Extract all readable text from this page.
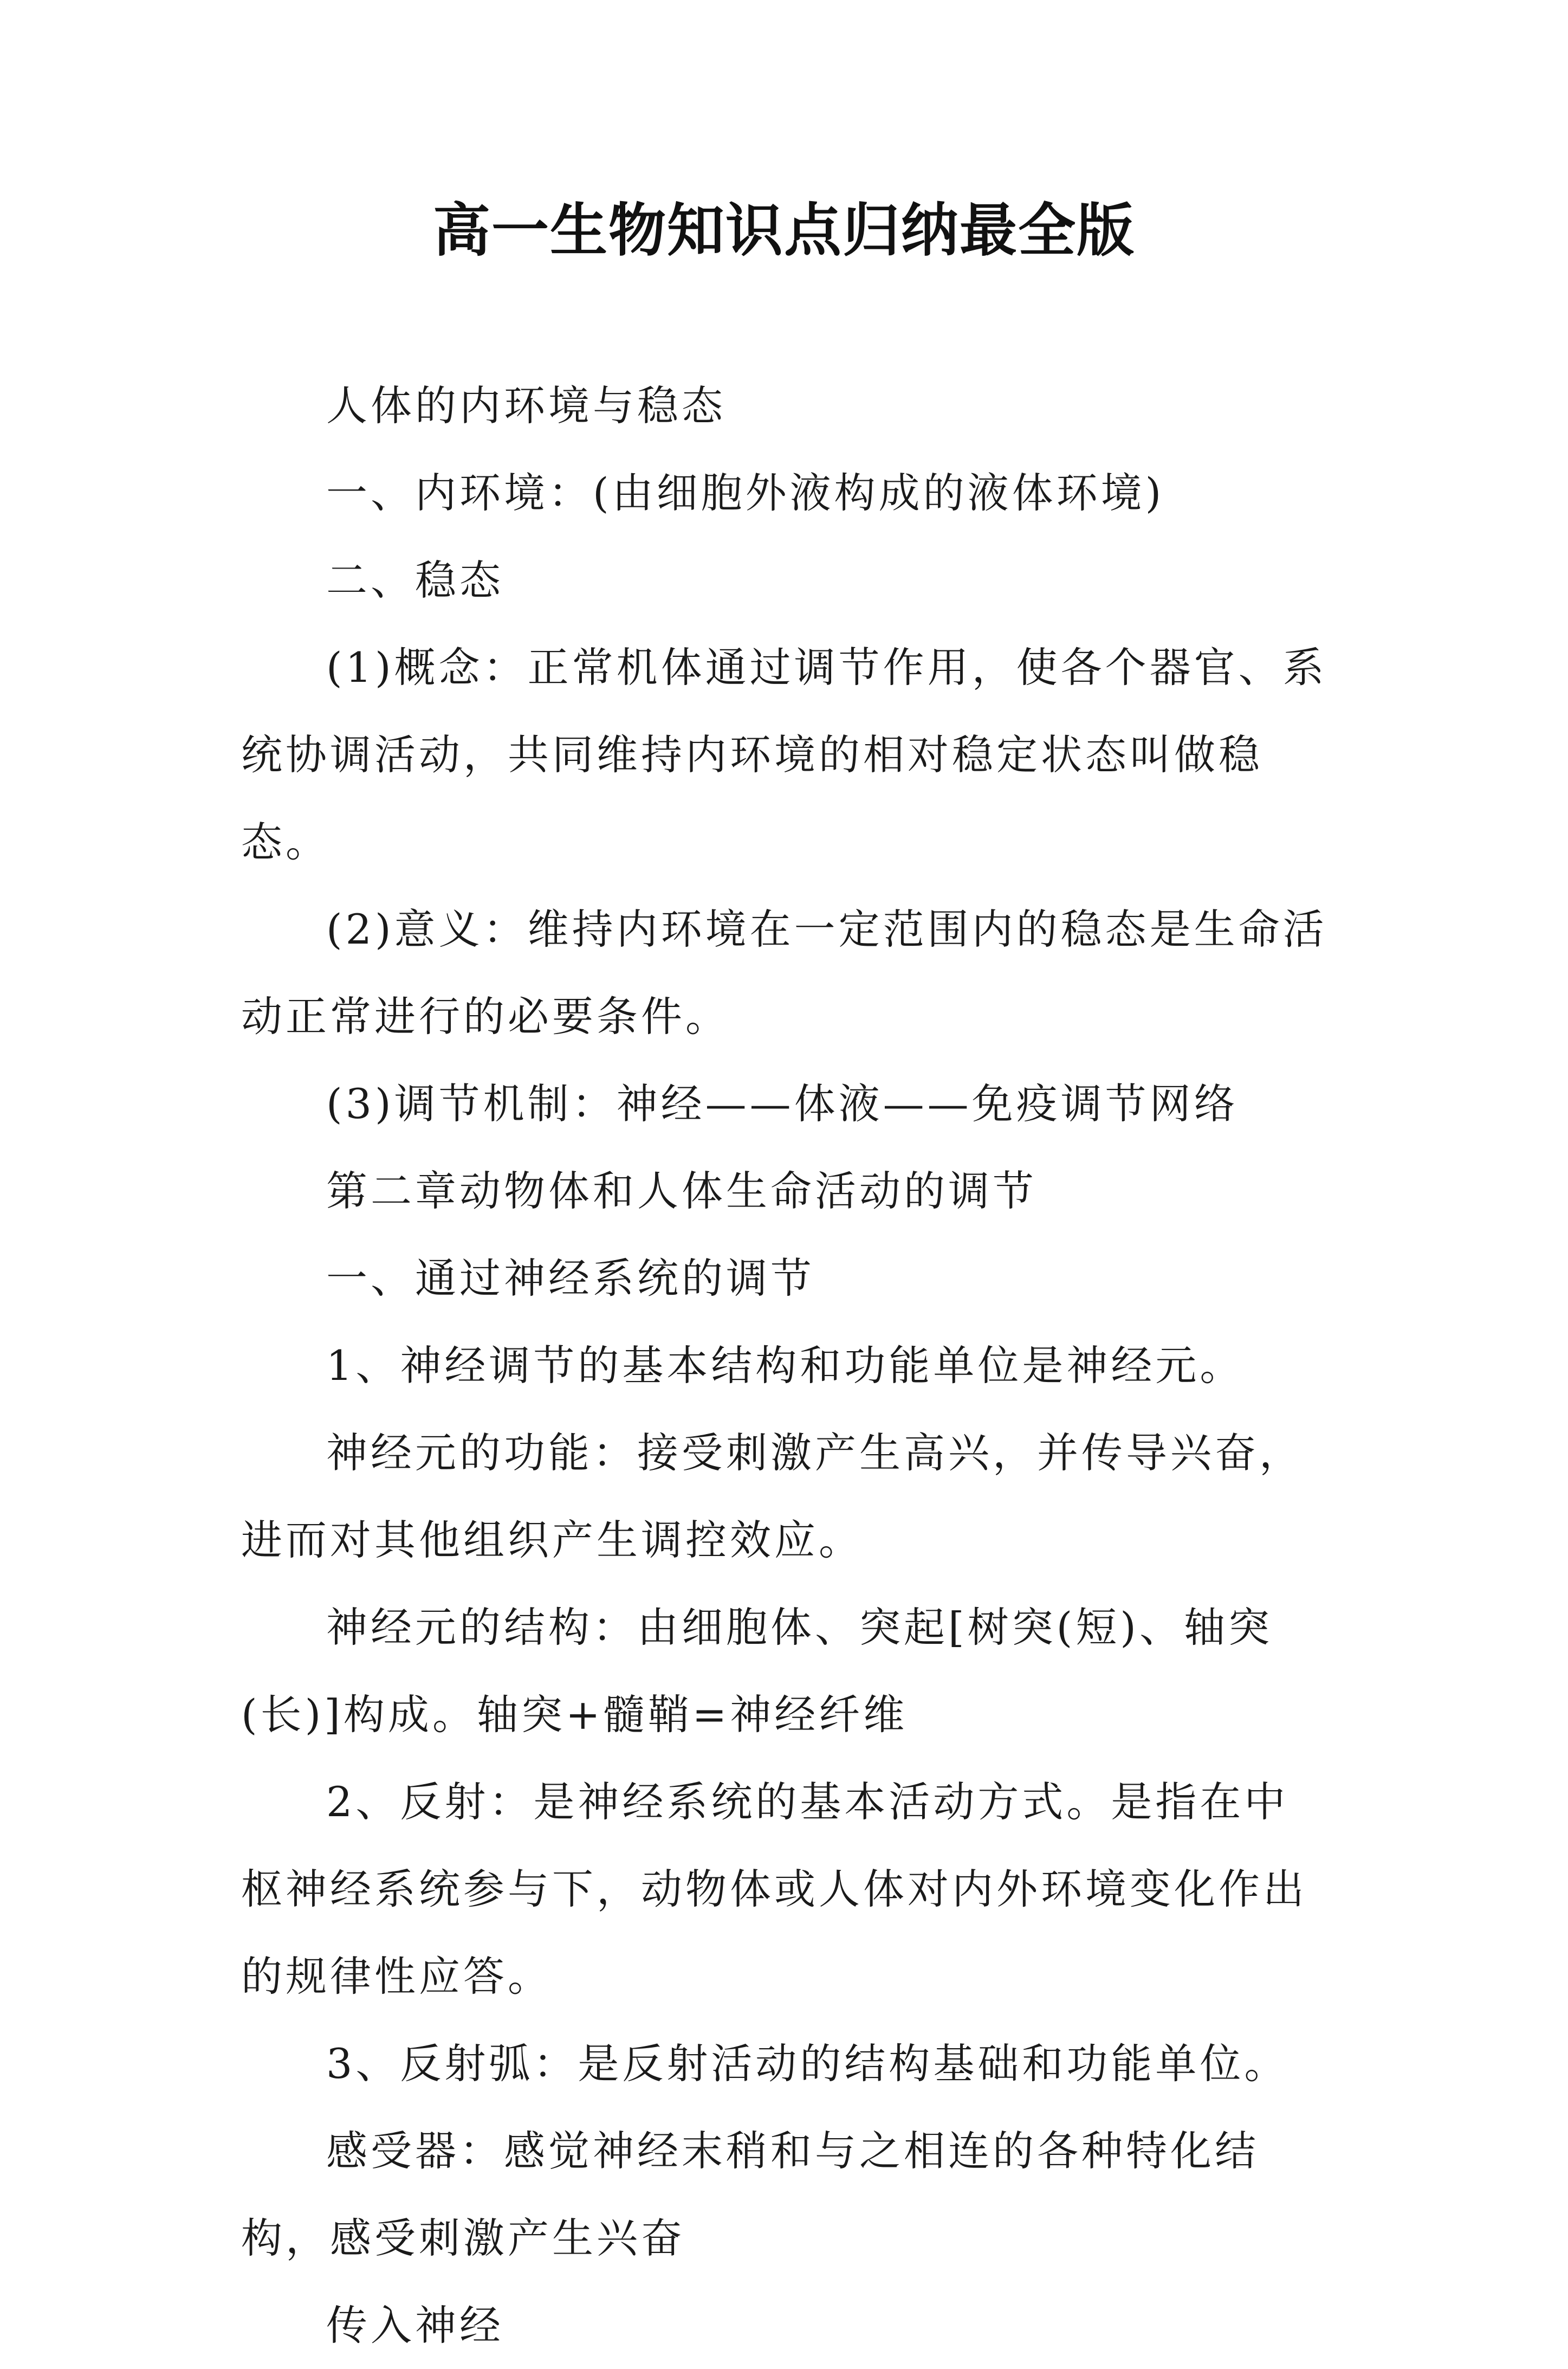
高一生物知识点归纳最全版

人体的内环境与稳态

一、内环境：(由细胞外液构成的液体环境)

二、稳态

(1)概念：正常机体通过调节作用，使各个器官、系统协调活动，共同维持内环境的相对稳定状态叫做稳态。

(2)意义：维持内环境在一定范围内的稳态是生命活动正常进行的必要条件。

(3)调节机制：神经——体液——免疫调节网络

第二章动物体和人体生命活动的调节

一、通过神经系统的调节

1、神经调节的基本结构和功能单位是神经元。

神经元的功能：接受刺激产生高兴，并传导兴奋，进而对其他组织产生调控效应。

神经元的结构：由细胞体、突起[树突(短)、轴突(长)]构成。轴突+髓鞘=神经纤维

2、反射：是神经系统的基本活动方式。是指在中枢神经系统参与下，动物体或人体对内外环境变化作出的规律性应答。

3、反射弧：是反射活动的结构基础和功能单位。

感受器：感觉神经末稍和与之相连的各种特化结构，感受刺激产生兴奋

传入神经
